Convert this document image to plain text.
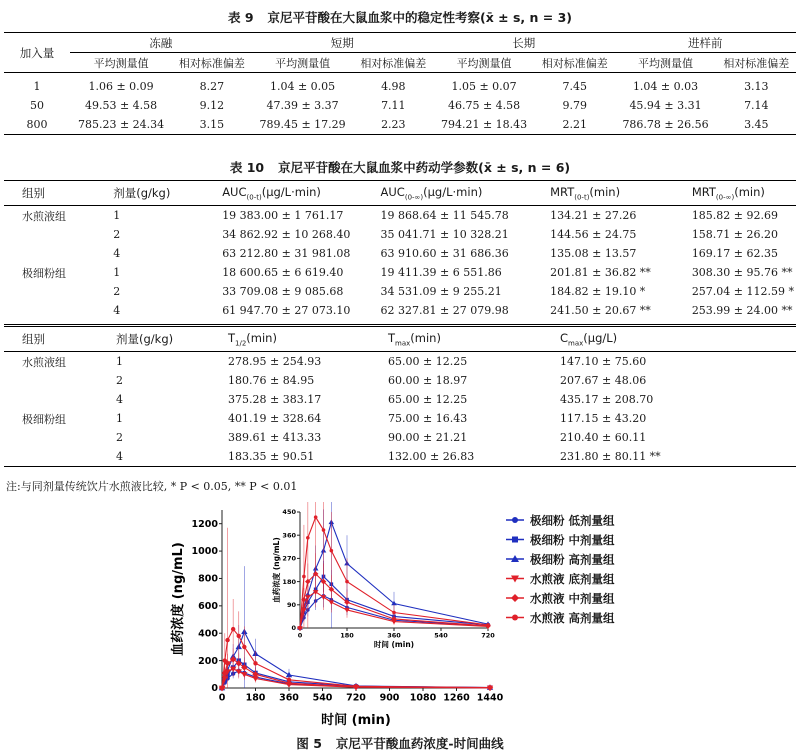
表 9 京尼平苷酸在大鼠血浆中的稳定性考察(x̄ ± s, n = 3)
加入量	冻融		短期		长期		进样前	
	平均测量值	相对标准偏差	平均测量值	相对标准偏差	平均测量值	相对标准偏差	平均测量值	相对标准偏差
1	1.06 ± 0.09	8.27	1.04 ± 0.05	4.98	1.05 ± 0.07	7.45	1.04 ± 0.03	3.13
50	49.53 ± 4.58	9.12	47.39 ± 3.37	7.11	46.75 ± 4.58	9.79	45.94 ± 3.31	7.14
800	785.23 ± 24.34	3.15	789.45 ± 17.29	2.23	794.21 ± 18.43	2.21	786.78 ± 26.56	3.45
表 10 京尼平苷酸在大鼠血浆中药动学参数(x̄ ± s, n = 6)
组别	剂量(g/kg)	$AUC_{(0-t)}(\mu g/L\cdot\min)$	$AUC_{(0-\infty)}(\mu g/L\cdot\min)$	$MRT_{(0-t)}(\min)$	$MRT_{(0-\infty)}(\min)$
水煎液组	1	19 383.00 ± 1 761.17	19 868.64 ± 11 545.78	134.21 ± 27.26	185.82 ± 92.69
	2	34 862.92 ± 10 268.40	35 041.71 ± 10 328.21	144.56 ± 24.75	158.71 ± 26.20
	4	63 212.80 ± 31 981.08	63 910.60 ± 31 686.36	135.08 ± 13.57	169.17 ± 62.35
极细粉组	1	18 600.65 ± 6 619.40	19 411.39 ± 6 551.86	201.81 ± 36.82 **	308.30 ± 95.76 **
	2	33 709.08 ± 9 085.68	34 531.09 ± 9 255.21	184.82 ± 19.10 *	257.04 ± 112.59 *
	4	61 947.70 ± 27 073.10	62 327.81 ± 27 079.98	241.50 ± 20.67 **	253.99 ± 24.00 **
组别	剂量(g/kg)	$T_{1/2}(\min)$	$T_{max}(\min)$	$C_{max}(\mu g/L)$
水煎液组	1	278.95 ± 254.93	65.00 ± 12.25	147.10 ± 75.60
	2	180.76 ± 84.95	60.00 ± 18.97	207.67 ± 48.06
	4	375.28 ± 383.17	65.00 ± 12.25	435.17 ± 208.70
极细粉组	1	401.19 ± 328.64	75.00 ± 16.43	117.15 ± 43.20
	2	389.61 ± 413.33	90.00 ± 21.21	210.40 ± 60.11
	4	183.35 ± 90.51	132.00 ± 26.83	231.80 ± 80.11 **
注:与同剂量传统饮片水煎液比较, * P < 0.05, ** P < 0.01
0 180 360 540 720 900 1080 1260 1440
0
200
400
600
800
1000
1200
时间 (min)
血药浓度 (ng/mL)	0	180	360	540	720
0
90
180
270
360
450
时间 (min)
血药浓度 (ng/mL)
极细粉 低剂量组
极细粉 中剂量组
极细粉 高剂量组
水煎液 底剂量组
水煎液 中剂量组
水煎液 高剂量组
图 5 京尼平苷酸血药浓度-时间曲线
